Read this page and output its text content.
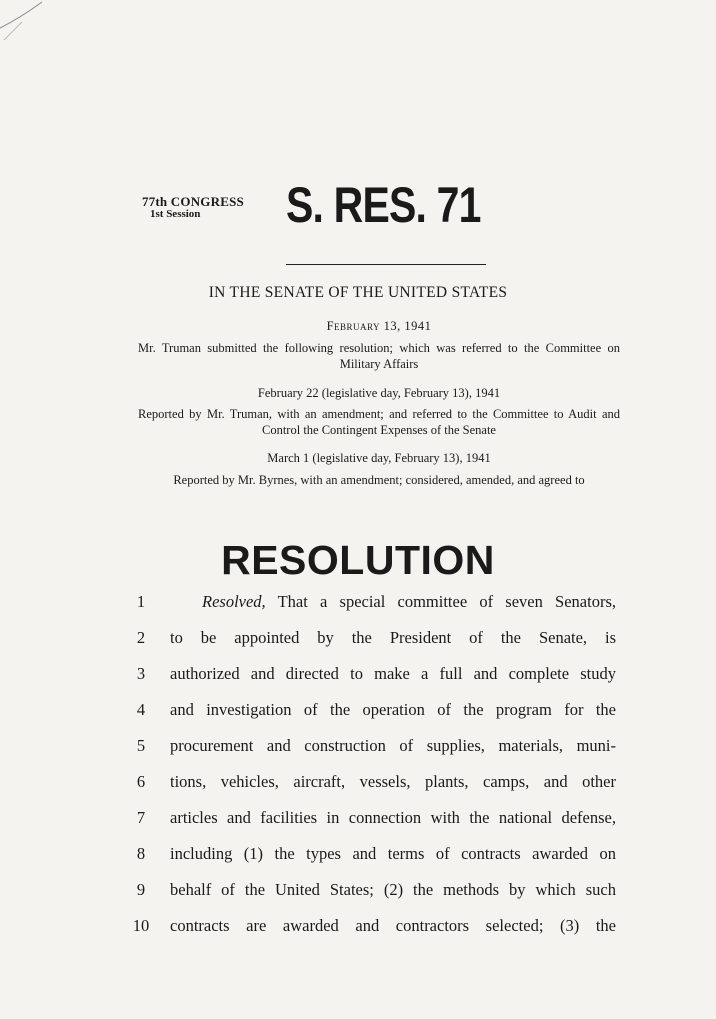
77th CONGRESS
1st Session	S. RES. 71
IN THE SENATE OF THE UNITED STATES
February 13, 1941
Mr. Truman submitted the following resolution; which was referred to the Committee on Military Affairs
February 22 (legislative day, February 13), 1941
Reported by Mr. Truman, with an amendment; and referred to the Committee to Audit and Control the Contingent Expenses of the Senate
March 1 (legislative day, February 13), 1941
Reported by Mr. Byrnes, with an amendment; considered, amended, and agreed to
RESOLUTION
1	Resolved, That a special committee of seven Senators,
2	to be appointed by the President of the Senate, is
3	authorized and directed to make a full and complete study
4	and investigation of the operation of the program for the
5	procurement and construction of supplies, materials, muni-
6	tions, vehicles, aircraft, vessels, plants, camps, and other
7	articles and facilities in connection with the national defense,
8	including (1) the types and terms of contracts awarded on
9	behalf of the United States; (2) the methods by which such
10 contracts are awarded and contractors selected; (3) the
